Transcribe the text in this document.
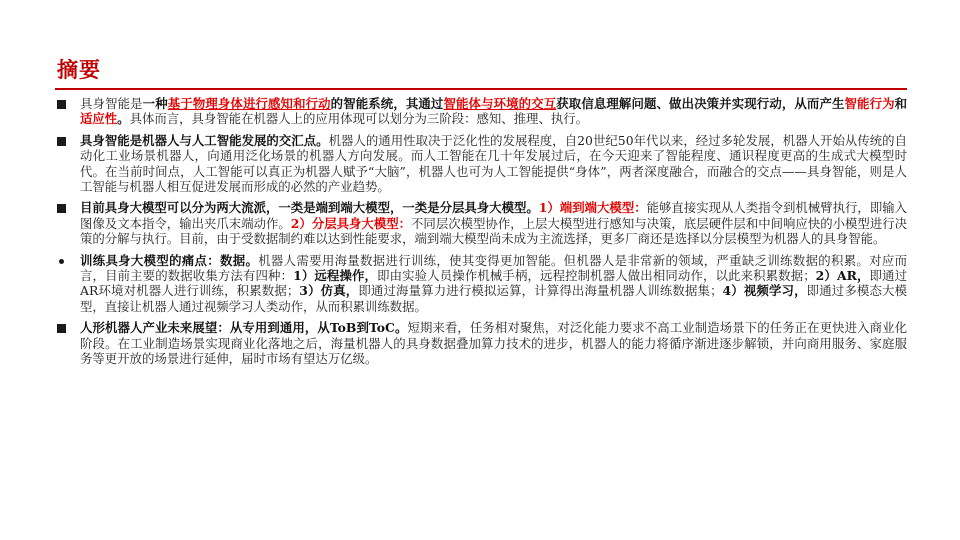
摘要

具身智能是一种基于物理身体进行感知和行动的智能系统，其通过智能体与环境的交互获取信息理解问题、做出决策并实现行动，从而产生智能行为和适应性。具体而言，具身智能在机器人上的应用体现可以划分为三阶段：感知、推理、执行。

具身智能是机器人与人工智能发展的交汇点。机器人的通用性取决于泛化性的发展程度，自20世纪50年代以来，经过多轮发展，机器人开始从传统的自动化工业场景机器人，向通用泛化场景的机器人方向发展。而人工智能在几十年发展过后，在今天迎来了智能程度、通识程度更高的生成式大模型时代。在当前时间点，人工智能可以真正为机器人赋予“大脑”，机器人也可为人工智能提供“身体”，两者深度融合，而融合的交点——具身智能，则是人工智能与机器人相互促进发展而形成的必然的产业趋势。

目前具身大模型可以分为两大流派，一类是端到端大模型，一类是分层具身大模型。1）端到端大模型：能够直接实现从人类指令到机械臂执行，即输入图像及文本指令，输出夹爪末端动作。2）分层具身大模型：不同层次模型协作，上层大模型进行感知与决策，底层硬件层和中间响应快的小模型进行决策的分解与执行。目前，由于受数据制约难以达到性能要求，端到端大模型尚未成为主流选择，更多厂商还是选择以分层模型为机器人的具身智能。

训练具身大模型的痛点：数据。机器人需要用海量数据进行训练，使其变得更加智能。但机器人是非常新的领域，严重缺乏训练数据的积累。对应而言，目前主要的数据收集方法有四种：1）远程操作，即由实验人员操作机械手柄，远程控制机器人做出相同动作，以此来积累数据；2）AR，即通过AR环境对机器人进行训练，积累数据；3）仿真，即通过海量算力进行模拟运算，计算得出海量机器人训练数据集；4）视频学习，即通过多模态大模型，直接让机器人通过视频学习人类动作，从而积累训练数据。

人形机器人产业未来展望：从专用到通用，从ToB到ToC。短期来看，任务相对聚焦，对泛化能力要求不高工业制造场景下的任务正在更快进入商业化阶段。在工业制造场景实现商业化落地之后，海量机器人的具身数据叠加算力技术的进步，机器人的能力将循序渐进逐步解锁，并向商用服务、家庭服务等更开放的场景进行延伸，届时市场有望达万亿级。
